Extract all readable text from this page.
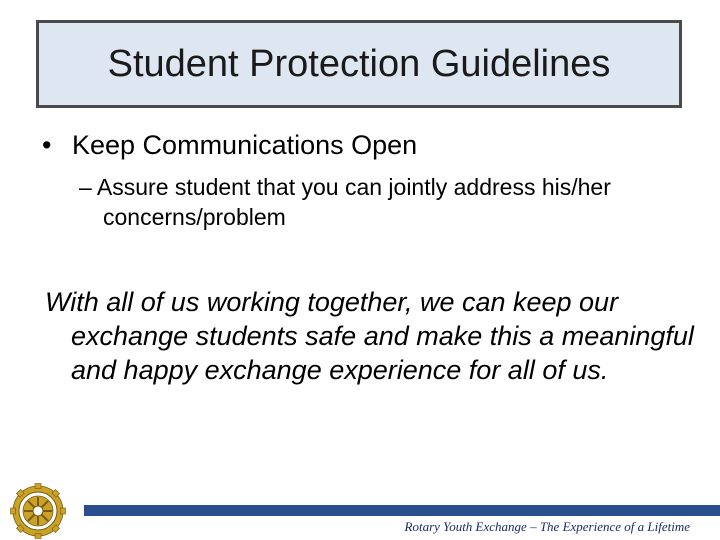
Student Protection Guidelines
• Keep Communications Open
– Assure student that you can jointly address his/her concerns/problem
With all of us working together, we can keep our exchange students safe and make this a meaningful and happy exchange experience for all of us.
Rotary Youth Exchange – The Experience of a Lifetime
